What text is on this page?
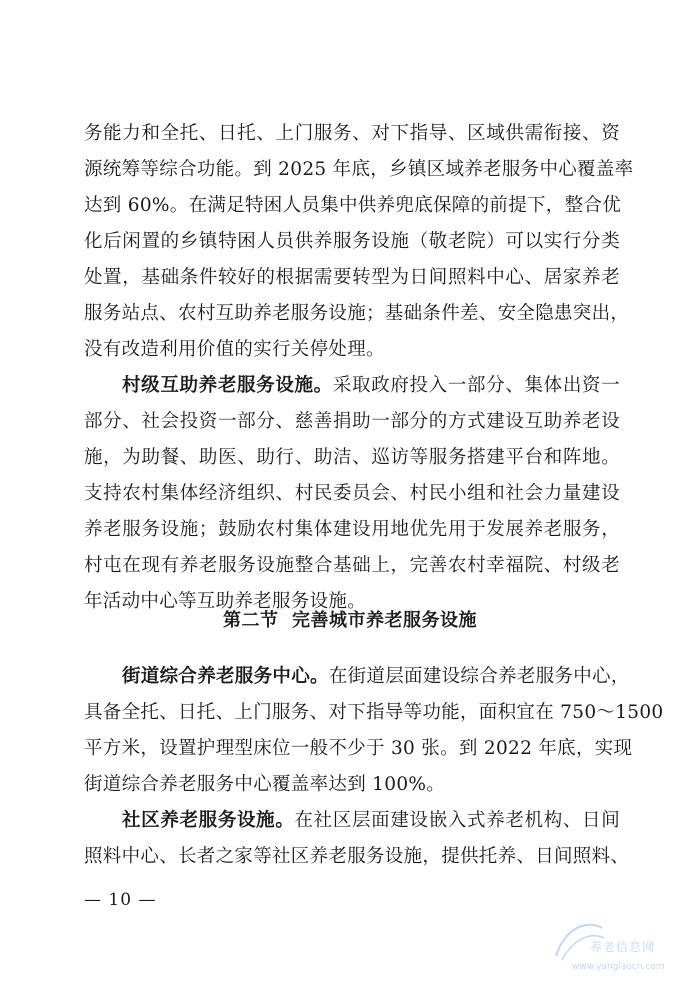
务能力和全托、日托、上门服务、对下指导、区域供需衔接、资
源统筹等综合功能。到 2025 年底，乡镇区域养老服务中心覆盖率
达到 60%。在满足特困人员集中供养兜底保障的前提下，整合优
化后闲置的乡镇特困人员供养服务设施（敬老院）可以实行分类
处置，基础条件较好的根据需要转型为日间照料中心、居家养老
服务站点、农村互助养老服务设施；基础条件差、安全隐患突出，
没有改造利用价值的实行关停处理。
村级互助养老服务设施。采取政府投入一部分、集体出资一
部分、社会投资一部分、慈善捐助一部分的方式建设互助养老设
施，为助餐、助医、助行、助洁、巡访等服务搭建平台和阵地。
支持农村集体经济组织、村民委员会、村民小组和社会力量建设
养老服务设施；鼓励农村集体建设用地优先用于发展养老服务，
村屯在现有养老服务设施整合基础上，完善农村幸福院、村级老
年活动中心等互助养老服务设施。
第二节  完善城市养老服务设施
街道综合养老服务中心。在街道层面建设综合养老服务中心，
具备全托、日托、上门服务、对下指导等功能，面积宜在 750～1500
平方米，设置护理型床位一般不少于 30 张。到 2022 年底，实现
街道综合养老服务中心覆盖率达到 100%。
社区养老服务设施。在社区层面建设嵌入式养老机构、日间
照料中心、长者之家等社区养老服务设施，提供托养、日间照料、
— 10 —
养老信息网
www.yanglaocn.com
